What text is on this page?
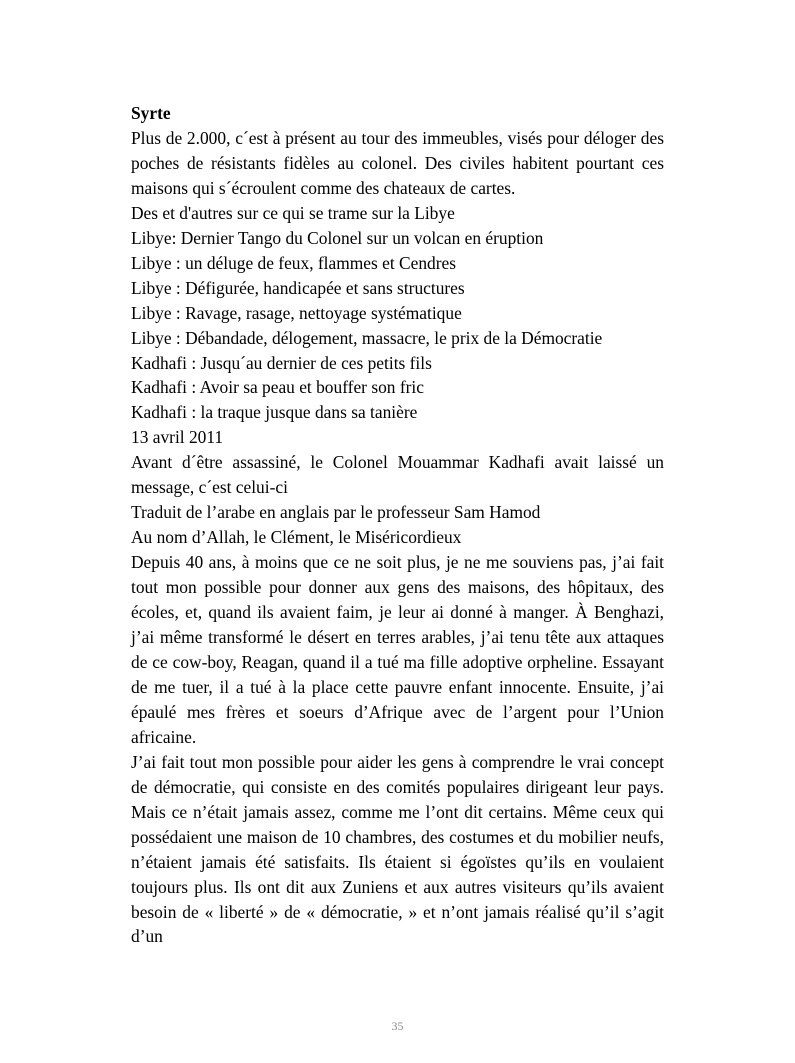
Syrte

Plus de 2.000, c´est à présent au tour des immeubles, visés pour déloger des poches de résistants fidèles au colonel. Des civiles habitent pourtant ces maisons qui s´écroulent comme des chateaux de cartes.

Des et d'autres sur ce qui se trame sur la Libye

Libye: Dernier Tango du Colonel sur un volcan en éruption

Libye : un déluge de feux, flammes et Cendres

Libye : Défigurée, handicapée et sans structures

Libye : Ravage, rasage, nettoyage systématique

Libye : Débandade, délogement, massacre, le prix de la Démocratie

Kadhafi : Jusqu´au dernier de ces petits fils

Kadhafi : Avoir sa peau et bouffer son fric

Kadhafi : la traque jusque dans sa tanière

13 avril 2011

Avant d´être assassiné, le Colonel Mouammar Kadhafi avait laissé un message, c´est celui-ci

Traduit de l’arabe en anglais par le professeur Sam Hamod

Au nom d’Allah, le Clément, le Miséricordieux

Depuis 40 ans, à moins que ce ne soit plus, je ne me souviens pas, j’ai fait tout mon possible pour donner aux gens des maisons, des hôpitaux, des écoles, et, quand ils avaient faim, je leur ai donné à manger. À Benghazi, j’ai même transformé le désert en terres arables, j’ai tenu tête aux attaques de ce cow-boy, Reagan, quand il a tué ma fille adoptive orpheline. Essayant de me tuer, il a tué à la place cette pauvre enfant innocente. Ensuite, j’ai épaulé mes frères et soeurs d’Afrique avec de l’argent pour l’Union africaine.

J’ai fait tout mon possible pour aider les gens à comprendre le vrai concept de démocratie, qui consiste en des comités populaires dirigeant leur pays. Mais ce n’était jamais assez, comme me l’ont dit certains. Même ceux qui possédaient une maison de 10 chambres, des costumes et du mobilier neufs, n’étaient jamais été satisfaits. Ils étaient si égoïstes qu’ils en voulaient toujours plus. Ils ont dit aux Zuniens et aux autres visiteurs qu’ils avaient besoin de « liberté » de « démocratie, » et n’ont jamais réalisé qu’il s’agit d’un

35
